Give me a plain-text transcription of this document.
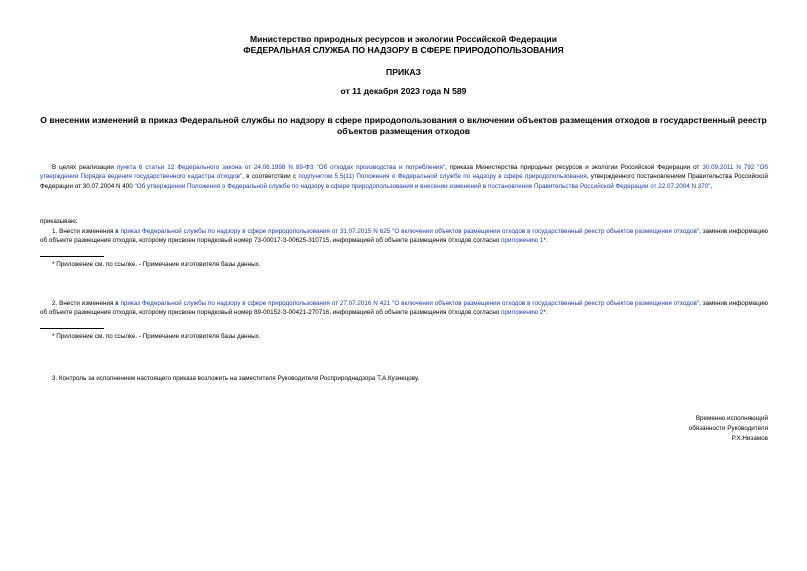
Министерство природных ресурсов и экологии Российской Федерации
ФЕДЕРАЛЬНАЯ СЛУЖБА ПО НАДЗОРУ В СФЕРЕ ПРИРОДОПОЛЬЗОВАНИЯ
ПРИКАЗ
от 11 декабря 2023 года N 589
О внесении изменений в приказ Федеральной службы по надзору в сфере природопользования о включении объектов размещения отходов в государственный реестр объектов размещения отходов
В целях реализации пункта 6 статьи 12 Федерального закона от 24.06.1998 N 89-ФЗ "Об отходах производства и потребления", приказа Министерства природных ресурсов и экологии Российской Федерации от 30.09.2011 N 792 "Об утверждении Порядка ведения государственного кадастра отходов", в соответствии с подпунктом 5.5(11) Положения о Федеральной службе по надзору в сфере природопользования, утвержденного постановлением Правительства Российской Федерации от 30.07.2004 N 400 "Об утверждении Положения о Федеральной службе по надзору в сфере природопользования и внесении изменений в постановление Правительства Российской Федерации от 22.07.2004 N 370",
приказываю:
1. Внести изменения в приказ Федеральной службы по надзору в сфере природопользования от 31.07.2015 N 625 "О включении объектов размещения отходов в государственный реестр объектов размещения отходов", заменив информацию об объекте размещения отходов, которому присвоен порядковый номер 73-00017-З-00625-310715, информацией об объекте размещения отходов согласно приложению 1*.
* Приложение см. по ссылке. - Примечание изготовителя базы данных.
2. Внести изменения в приказ Федеральной службы по надзору в сфере природопользования от 27.07.2016 N 421 "О включении объектов размещения отходов в государственный реестр объектов размещения отходов", заменив информацию об объекте размещения отходов, которому присвоен порядковый номер 89-00152-З-00421-270716, информацией об объекте размещения отходов согласно приложению 2*.
* Приложение см. по ссылке. - Примечание изготовителя базы данных.
3. Контроль за исполнением настоящего приказа возложить на заместителя Руководителя Росприроднадзора Т.А.Кузнецову.
Временно исполняющий
обязанности Руководителя
Р.Х.Низамов
